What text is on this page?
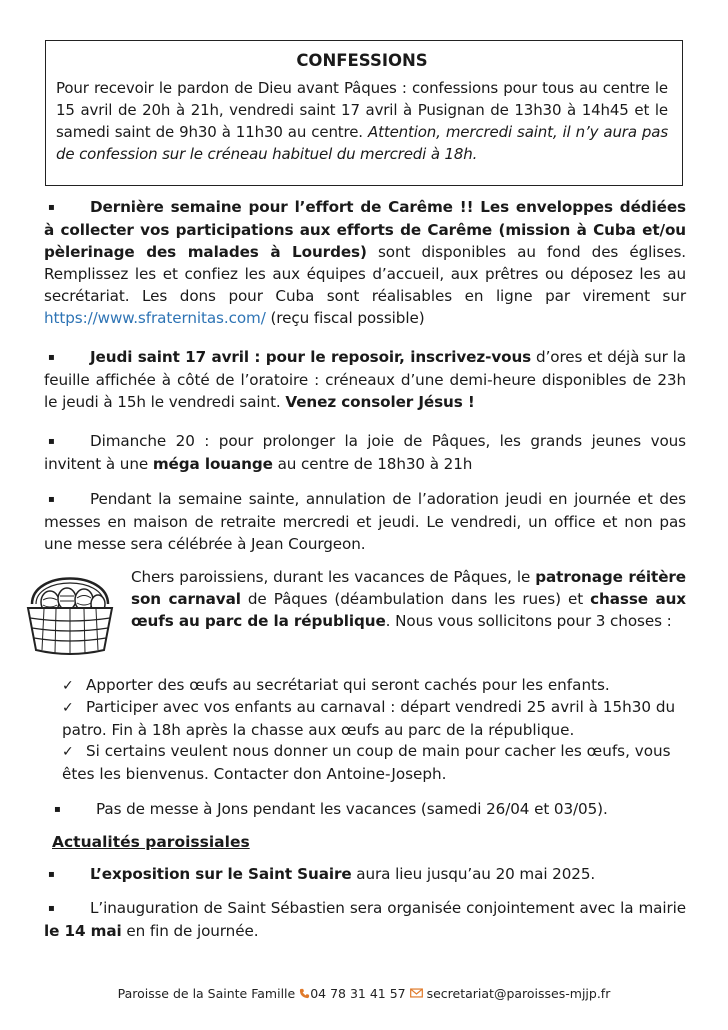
CONFESSIONS

Pour recevoir le pardon de Dieu avant Pâques : confessions pour tous au centre le 15 avril de 20h à 21h, vendredi saint 17 avril à Pusignan de 13h30 à 14h45 et le samedi saint de 9h30 à 11h30 au centre. Attention, mercredi saint, il n’y aura pas de confession sur le créneau habituel du mercredi à 18h.

▪ Dernière semaine pour l’effort de Carême !! Les enveloppes dédiées à collecter vos participations aux efforts de Carême (mission à Cuba et/ou pèlerinage des malades à Lourdes) sont disponibles au fond des églises. Remplissez les et confiez les aux équipes d’accueil, aux prêtres ou déposez les au secrétariat. Les dons pour Cuba sont réalisables en ligne par virement sur https://www.sfraternitas.com/ (reçu fiscal possible)

▪ Jeudi saint 17 avril : pour le reposoir, inscrivez-vous d’ores et déjà sur la feuille affichée à côté de l’oratoire : créneaux d’une demi-heure disponibles de 23h le jeudi à 15h le vendredi saint. Venez consoler Jésus !

▪ Dimanche 20 : pour prolonger la joie de Pâques, les grands jeunes vous invitent à une méga louange au centre de 18h30 à 21h

▪ Pendant la semaine sainte, annulation de l’adoration jeudi en journée et des messes en maison de retraite mercredi et jeudi. Le vendredi, un office et non pas une messe sera célébrée à Jean Courgeon.

Chers paroissiens, durant les vacances de Pâques, le patronage réitère son carnaval de Pâques (déambulation dans les rues) et chasse aux œufs au parc de la république. Nous vous sollicitons pour 3 choses :

✓ Apporter des œufs au secrétariat qui seront cachés pour les enfants.

✓ Participer avec vos enfants au carnaval : départ vendredi 25 avril à 15h30 du patro. Fin à 18h après la chasse aux œufs au parc de la république.

✓ Si certains veulent nous donner un coup de main pour cacher les œufs, vous êtes les bienvenus. Contacter don Antoine-Joseph.

▪ Pas de messe à Jons pendant les vacances (samedi 26/04 et 03/05).

Actualités paroissiales

▪ L’exposition sur le Saint Suaire aura lieu jusqu’au 20 mai 2025.

▪ L’inauguration de Saint Sébastien sera organisée conjointement avec la mairie le 14 mai en fin de journée.

Paroisse de la Sainte Famille 04 78 31 41 57  secretariat@paroisses-mjjp.fr
